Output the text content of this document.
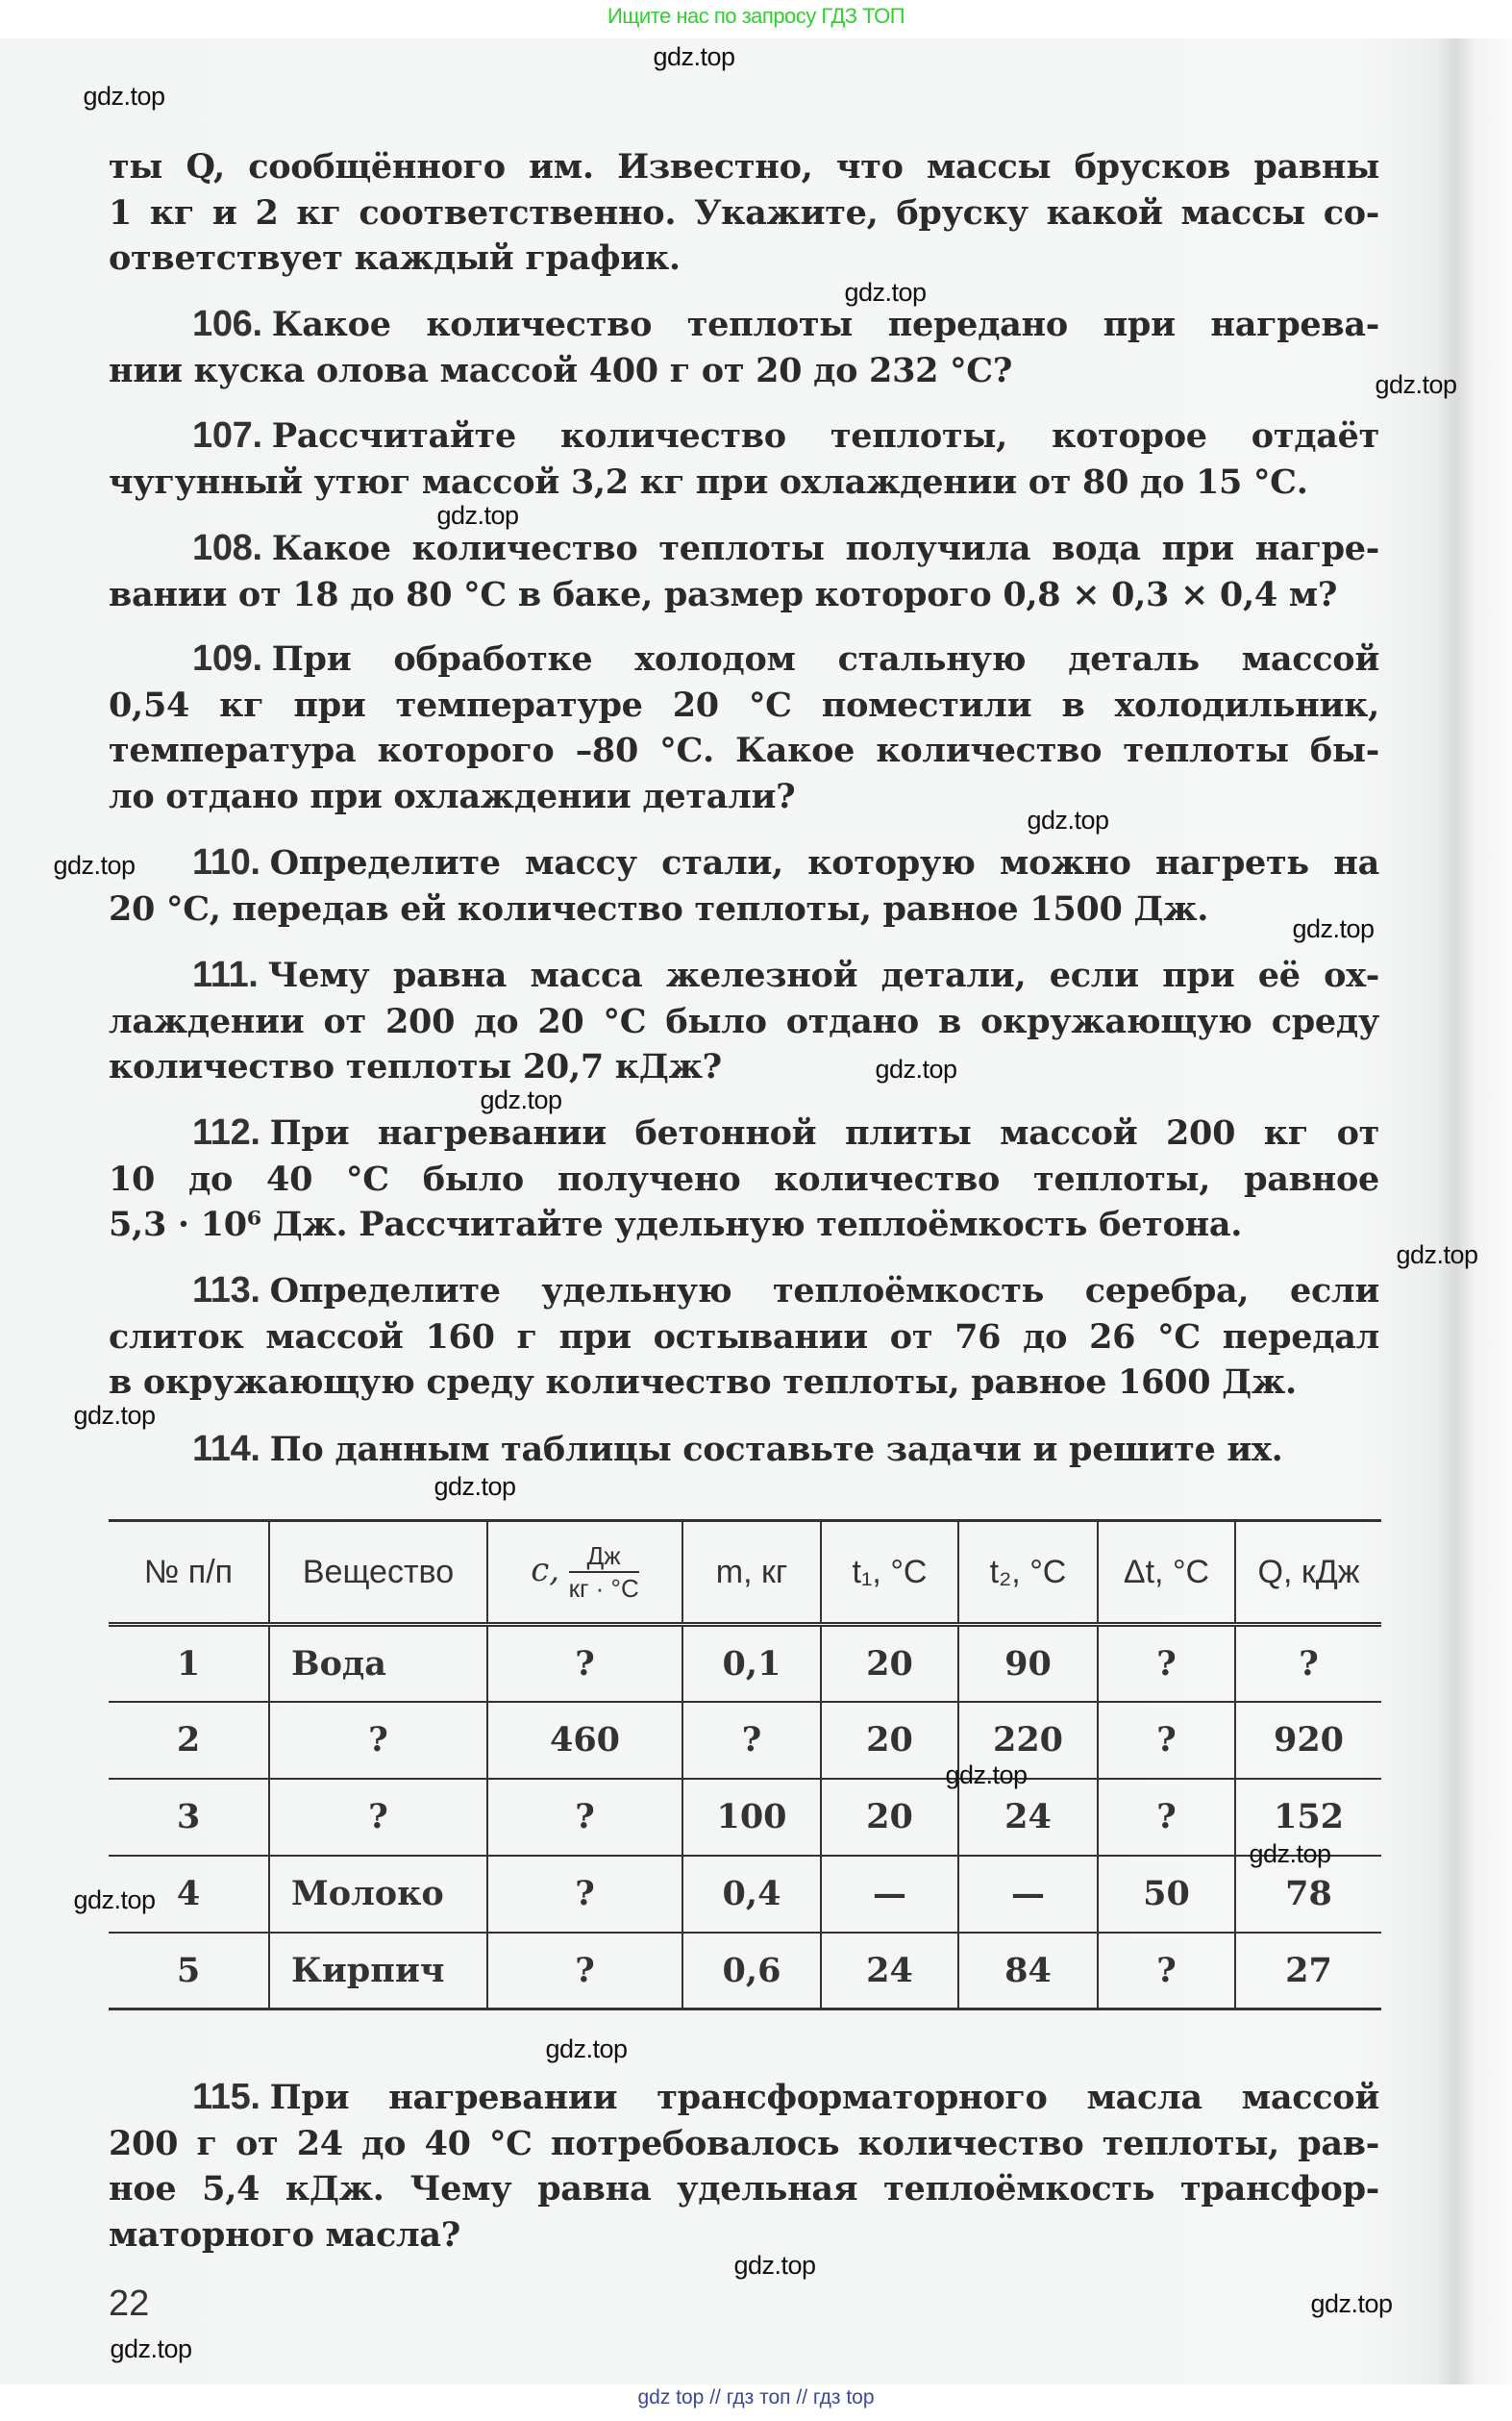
Ищите нас по запросу ГДЗ ТОП
ты Q, сообщённого им. Известно, что массы брусков равны
1 кг и 2 кг соответственно. Укажите, бруску какой массы со-
ответствует каждый график.
106. Какое количество теплоты передано при нагрева-
нии куска олова массой 400 г от 20 до 232 °С?
107. Рассчитайте количество теплоты, которое отдаёт
чугунный утюг массой 3,2 кг при охлаждении от 80 до 15 °С.
108. Какое количество теплоты получила вода при нагре-
вании от 18 до 80 °С в баке, размер которого 0,8 × 0,3 × 0,4 м?
109. При обработке холодом стальную деталь массой
0,54 кг при температуре 20 °С поместили в холодильник,
температура которого –80 °С. Какое количество теплоты бы-
ло отдано при охлаждении детали?
110. Определите массу стали, которую можно нагреть на
20 °С, передав ей количество теплоты, равное 1500 Дж.
111. Чему равна масса железной детали, если при её ох-
лаждении от 200 до 20 °С было отдано в окружающую среду
количество теплоты 20,7 кДж?
112. При нагревании бетонной плиты массой 200 кг от
10 до 40 °С было получено количество теплоты, равное
5,3 · 10⁶ Дж. Рассчитайте удельную теплоёмкость бетона.
113. Определите удельную теплоёмкость серебра, если
слиток массой 160 г при остывании от 76 до 26 °С передал
в окружающую среду количество теплоты, равное 1600 Дж.
114. По данным таблицы составьте задачи и решите их.
115. При нагревании трансформаторного масла массой
200 г от 24 до 40 °С потребовалось количество теплоты, рав-
ное 5,4 кДж. Чему равна удельная теплоёмкость трансфор-
маторного масла?
№ п/п	Вещество	c, $\frac{Дж}{кг \cdot ^\circ С}$	m, кг	t₁, °С	t₂, °С	Δt, °С	Q, кДж
1	Вода	?	0,1	20	90	?	?
2	?	460	?	20	220	?	920
3	?	?	100	20	24	?	152
4	Молоко	?	0,4	—	—	50	78
5	Кирпич	?	0,6	24	84	?	27
gdz.top
gdz.top
gdz.top
gdz.top
gdz.top
gdz.top
gdz.top
gdz.top
gdz.top
gdz.top
gdz.top
gdz.top
gdz.top
gdz.top
gdz.top
gdz.top
gdz.top
gdz.top
gdz.top
gdz.top
22
gdz top // гдз топ // гдз top
